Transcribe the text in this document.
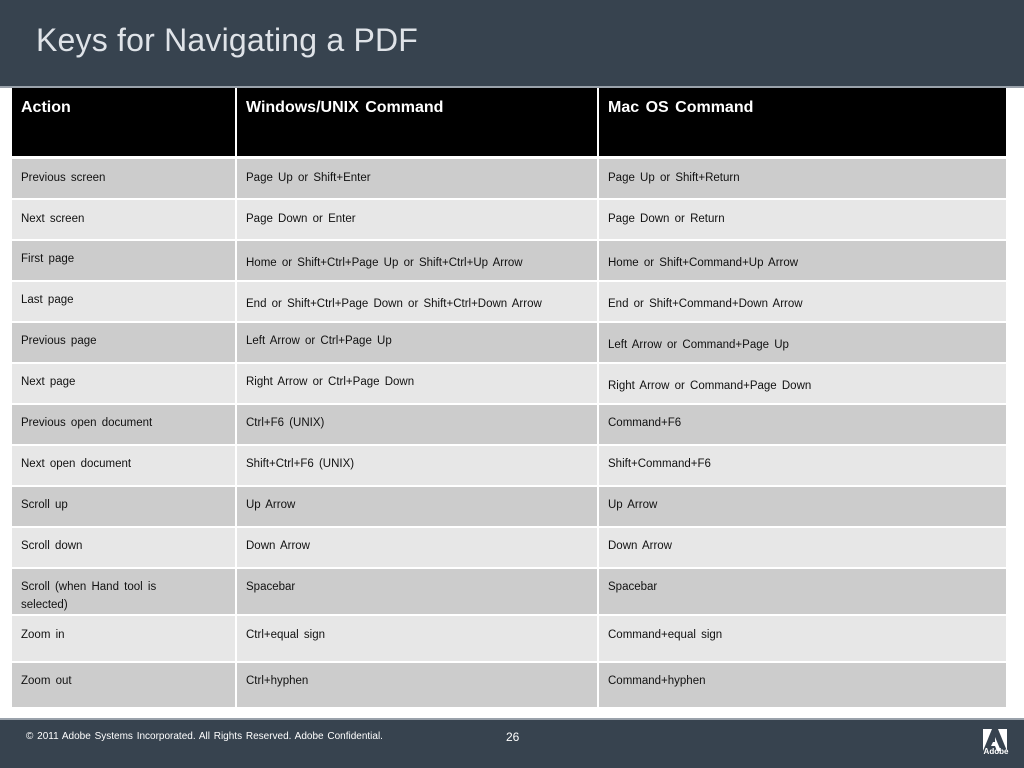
Keys for Navigating a PDF
Action	Windows/UNIX Command	Mac OS Command
Previous screen	Page Up or Shift+Enter	Page Up or Shift+Return
Next screen	Page Down or Enter	Page Down or Return
First page	Home or Shift+Ctrl+Page Up or Shift+Ctrl+Up Arrow	Home or Shift+Command+Up Arrow
Last page	End or Shift+Ctrl+Page Down or Shift+Ctrl+Down Arrow	End or Shift+Command+Down Arrow
Previous page	Left Arrow or Ctrl+Page Up	Left Arrow or Command+Page Up
Next page	Right Arrow or Ctrl+Page Down	Right Arrow or Command+Page Down
Previous open document	Ctrl+F6 (UNIX)	Command+F6
Next open document	Shift+Ctrl+F6 (UNIX)	Shift+Command+F6
Scroll up	Up Arrow	Up Arrow
Scroll down	Down Arrow	Down Arrow
Scroll (when Hand tool is selected)	Spacebar	Spacebar
Zoom in	Ctrl+equal sign	Command+equal sign
Zoom out	Ctrl+hyphen	Command+hyphen
© 2011 Adobe Systems Incorporated. All Rights Reserved. Adobe Confidential.	26
Adobe
